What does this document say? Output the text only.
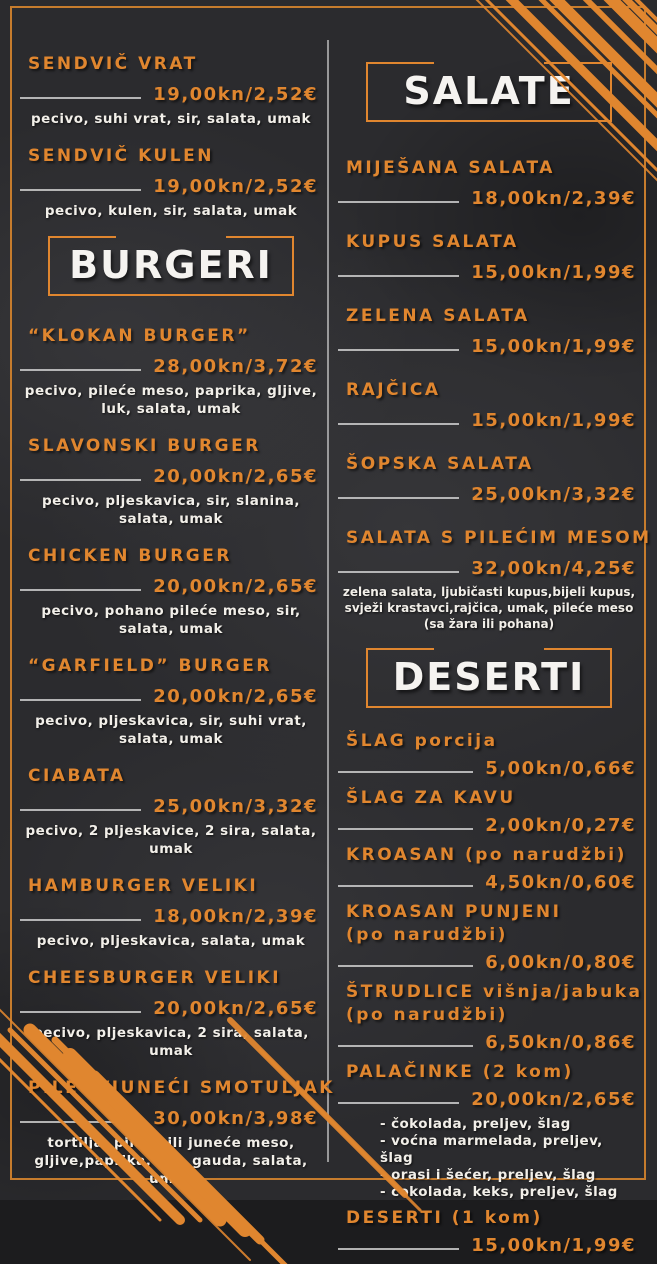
SENDVIČ VRAT
19,00kn/2,52€
pecivo, suhi vrat, sir, salata, umak
SENDVIČ KULEN
19,00kn/2,52€
pecivo, kulen, sir, salata, umak
BURGERI
“KLOKAN BURGER”
28,00kn/3,72€
pecivo, pileće meso, paprika, gljive, luk, salata, umak
SLAVONSKI BURGER
20,00kn/2,65€
pecivo, pljeskavica, sir, slanina, salata, umak
CHICKEN BURGER
20,00kn/2,65€
pecivo, pohano pileće meso, sir, salata, umak
“GARFIELD” BURGER
20,00kn/2,65€
pecivo, pljeskavica, sir, suhi vrat, salata, umak
CIABATA
25,00kn/3,32€
pecivo, 2 pljeskavice, 2 sira, salata, umak
HAMBURGER VELIKI
18,00kn/2,39€
pecivo, pljeskavica, salata, umak
CHEESBURGER VELIKI
20,00kn/2,65€
pecivo, pljeskavica, 2 sira, salata, umak
PILEĆI/JUNEĆI SMOTULJAK
30,00kn/3,98€
tortilja, pileće ili juneće meso, gljive,paprika, luk, gauda, salata, umak
SALATE
MIJEŠANA SALATA
18,00kn/2,39€
KUPUS SALATA
15,00kn/1,99€
ZELENA SALATA
15,00kn/1,99€
RAJČICA
15,00kn/1,99€
ŠOPSKA SALATA
25,00kn/3,32€
SALATA S PILEĆIM MESOM
32,00kn/4,25€
zelena salata, ljubičasti kupus,bijeli kupus, svježi krastavci,rajčica, umak, pileće meso (sa žara ili pohana)
DESERTI
ŠLAG porcija
5,00kn/0,66€
ŠLAG ZA KAVU
2,00kn/0,27€
KROASAN (po narudžbi)
4,50kn/0,60€
KROASAN PUNJENI
(po narudžbi)
6,00kn/0,80€
ŠTRUDLICE višnja/jabuka
(po narudžbi)
6,50kn/0,86€
PALAČINKE (2 kom)
20,00kn/2,65€
- čokolada, preljev, šlag
- voćna marmelada, preljev, šlag
- orasi i šećer, preljev, šlag
- čokolada, keks, preljev, šlag
DESERTI (1 kom)
15,00kn/1,99€
